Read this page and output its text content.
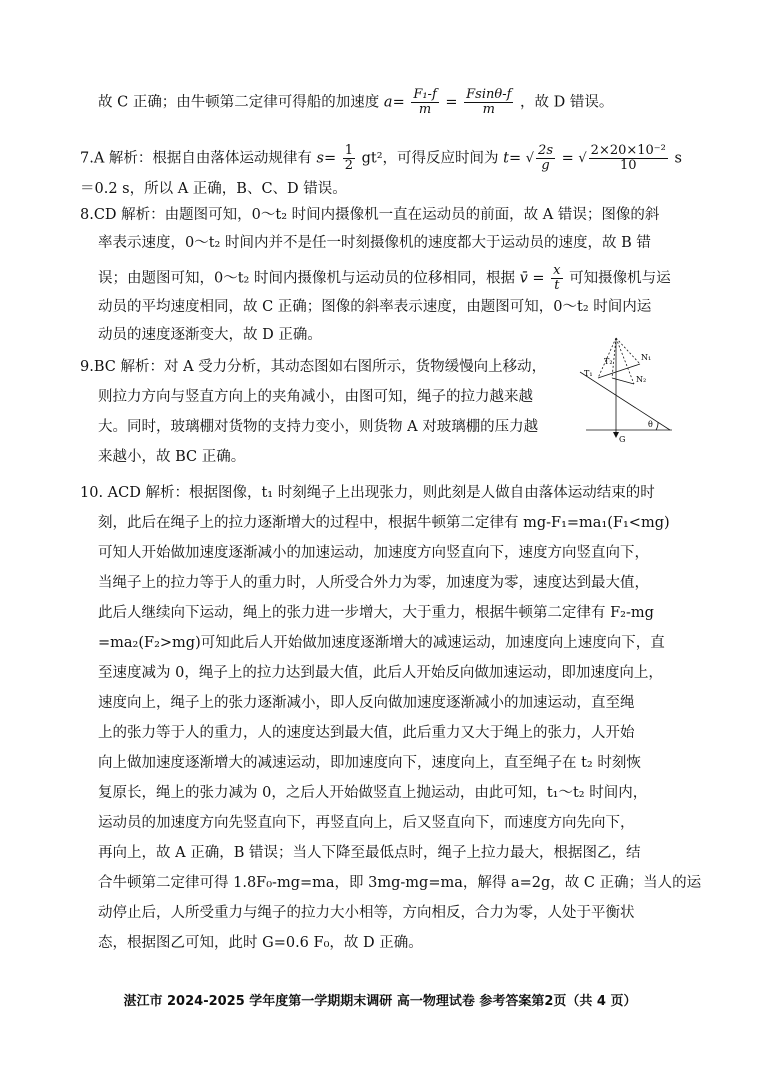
故 C 正确；由牛顿第二定律可得船的加速度 $a= \frac{\text{F₁-f}}{m} = \frac{Fsin\theta-f}{m}$ ，故 D 错误。
7.A 解析：根据自由落体运动规律有 $s= \frac{1}{2} gt^2$，可得反应时间为 t= √ $\frac{2s}{g}$ = √ $\frac{\text{2×20×10⁻²}}{10}$ s
＝0.2 s，所以 A 正确，B、C、D 错误。
8.CD 解析：由题图可知，0～t₂ 时间内摄像机一直在运动员的前面，故 A 错误；图像的斜
率表示速度，0～t₂ 时间内并不是任一时刻摄像机的速度都大于运动员的速度，故 B 错
误；由题图可知，0～t₂ 时间内摄像机与运动员的位移相同，根据 v̄ = $\frac{x}{t}$ 可知摄像机与运
动员的平均速度相同，故 C 正确；图像的斜率表示速度，由题图可知，0～t₂ 时间内运
动员的速度逐渐变大，故 D 正确。
9.BC 解析：对 A 受力分析，其动态图如右图所示，货物缓慢向上移动，
则拉力方向与竖直方向上的夹角减小，由图可知，绳子的拉力越来越
大。同时，玻璃棚对货物的支持力变小，则货物 A 对玻璃棚的压力越
来越小，故 BC 正确。
T₁
T₂	N₁
N₂
G
θ
10. ACD 解析：根据图像，t₁ 时刻绳子上出现张力，则此刻是人做自由落体运动结束的时
刻，此后在绳子上的拉力逐渐增大的过程中，根据牛顿第二定律有 mg-F₁=ma₁(F₁<mg)
可知人开始做加速度逐渐减小的加速运动，加速度方向竖直向下，速度方向竖直向下，
当绳子上的拉力等于人的重力时，人所受合外力为零，加速度为零，速度达到最大值，
此后人继续向下运动，绳上的张力进一步增大，大于重力，根据牛顿第二定律有 F₂-mg
=ma₂(F₂>mg)可知此后人开始做加速度逐渐增大的减速运动，加速度向上速度向下，直
至速度减为 0，绳子上的拉力达到最大值，此后人开始反向做加速运动，即加速度向上，
速度向上，绳子上的张力逐渐减小，即人反向做加速度逐渐减小的加速运动，直至绳
上的张力等于人的重力，人的速度达到最大值，此后重力又大于绳上的张力，人开始
向上做加速度逐渐增大的减速运动，即加速度向下，速度向上，直至绳子在 t₂ 时刻恢
复原长，绳上的张力减为 0，之后人开始做竖直上抛运动，由此可知，t₁～t₂ 时间内，
运动员的加速度方向先竖直向下，再竖直向上，后又竖直向下，而速度方向先向下，
再向上，故 A 正确，B 错误；当人下降至最低点时，绳子上拉力最大，根据图乙，结
合牛顿第二定律可得 1.8F₀-mg=ma，即 3mg-mg=ma，解得 a=2g，故 C 正确；当人的运
动停止后，人所受重力与绳子的拉力大小相等，方向相反，合力为零，人处于平衡状
态，根据图乙可知，此时 G=0.6 F₀，故 D 正确。
湛江市 2024-2025 学年度第一学期期末调研 高一物理试卷 参考答案第2页（共 4 页）
